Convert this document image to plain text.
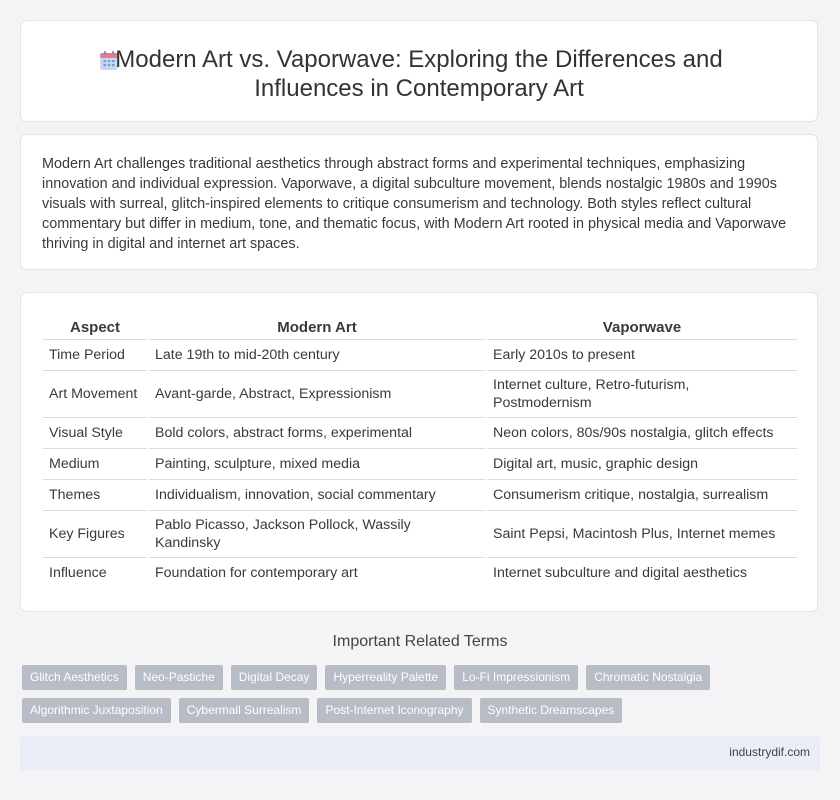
Modern Art vs. Vaporwave: Exploring the Differences and Influences in Contemporary Art

Modern Art challenges traditional aesthetics through abstract forms and experimental techniques, emphasizing innovation and individual expression. Vaporwave, a digital subculture movement, blends nostalgic 1980s and 1990s visuals with surreal, glitch-inspired elements to critique consumerism and technology. Both styles reflect cultural commentary but differ in medium, tone, and thematic focus, with Modern Art rooted in physical media and Vaporwave thriving in digital and internet art spaces.

Aspect	Modern Art	Vaporwave
Time Period	Late 19th to mid-20th century	Early 2010s to present
Art Movement	Avant-garde, Abstract, Expressionism	Internet culture, Retro-futurism, Postmodernism
Visual Style	Bold colors, abstract forms, experimental	Neon colors, 80s/90s nostalgia, glitch effects
Medium	Painting, sculpture, mixed media	Digital art, music, graphic design
Themes	Individualism, innovation, social commentary	Consumerism critique, nostalgia, surrealism
Key Figures	Pablo Picasso, Jackson Pollock, Wassily Kandinsky	Saint Pepsi, Macintosh Plus, Internet memes
Influence	Foundation for contemporary art	Internet subculture and digital aesthetics
Important Related Terms
Glitch Aesthetics	Neo-Pastiche	Digital Decay	Hyperreality Palette	Lo-Fi Impressionism	Chromatic Nostalgia
Algorithmic Juxtaposition	Cybermall Surrealism	Post-Internet Iconography	Synthetic Dreamscapes
industrydif.com
